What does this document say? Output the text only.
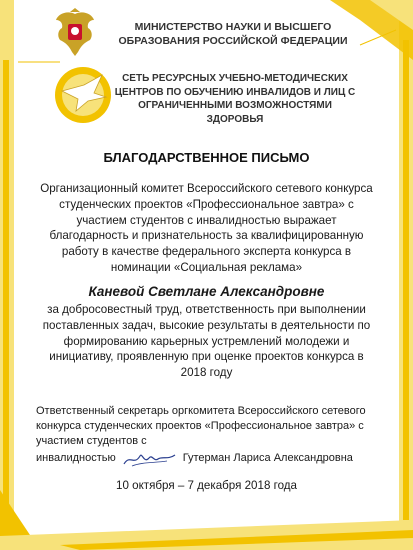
МИНИСТЕРСТВО НАУКИ И ВЫСШЕГО ОБРАЗОВАНИЯ РОССИЙСКОЙ ФЕДЕРАЦИИ
СЕТЬ РЕСУРСНЫХ УЧЕБНО-МЕТОДИЧЕСКИХ ЦЕНТРОВ ПО ОБУЧЕНИЮ ИНВАЛИДОВ И ЛИЦ С ОГРАНИЧЕННЫМИ ВОЗМОЖНОСТЯМИ ЗДОРОВЬЯ
БЛАГОДАРСТВЕННОЕ ПИСЬМО
Организационный комитет Всероссийского сетевого конкурса студенческих проектов «Профессиональное завтра» с участием студентов с инвалидностью выражает благодарность и признательность за квалифицированную работу в качестве федерального эксперта конкурса в номинации «Социальная реклама»
Каневой Светлане Александровне
за добросовестный труд, ответственность при выполнении поставленных задач, высокие результаты в деятельности по формированию карьерных устремлений молодежи и инициативу, проявленную при оценке проектов конкурса в 2018 году
Ответственный секретарь оргкомитета Всероссийского сетевого конкурса студенческих проектов «Профессиональное завтра» с участием студентов с
инвалидностью	Гутерман Лариса Александровна
10 октября – 7 декабря 2018 года
